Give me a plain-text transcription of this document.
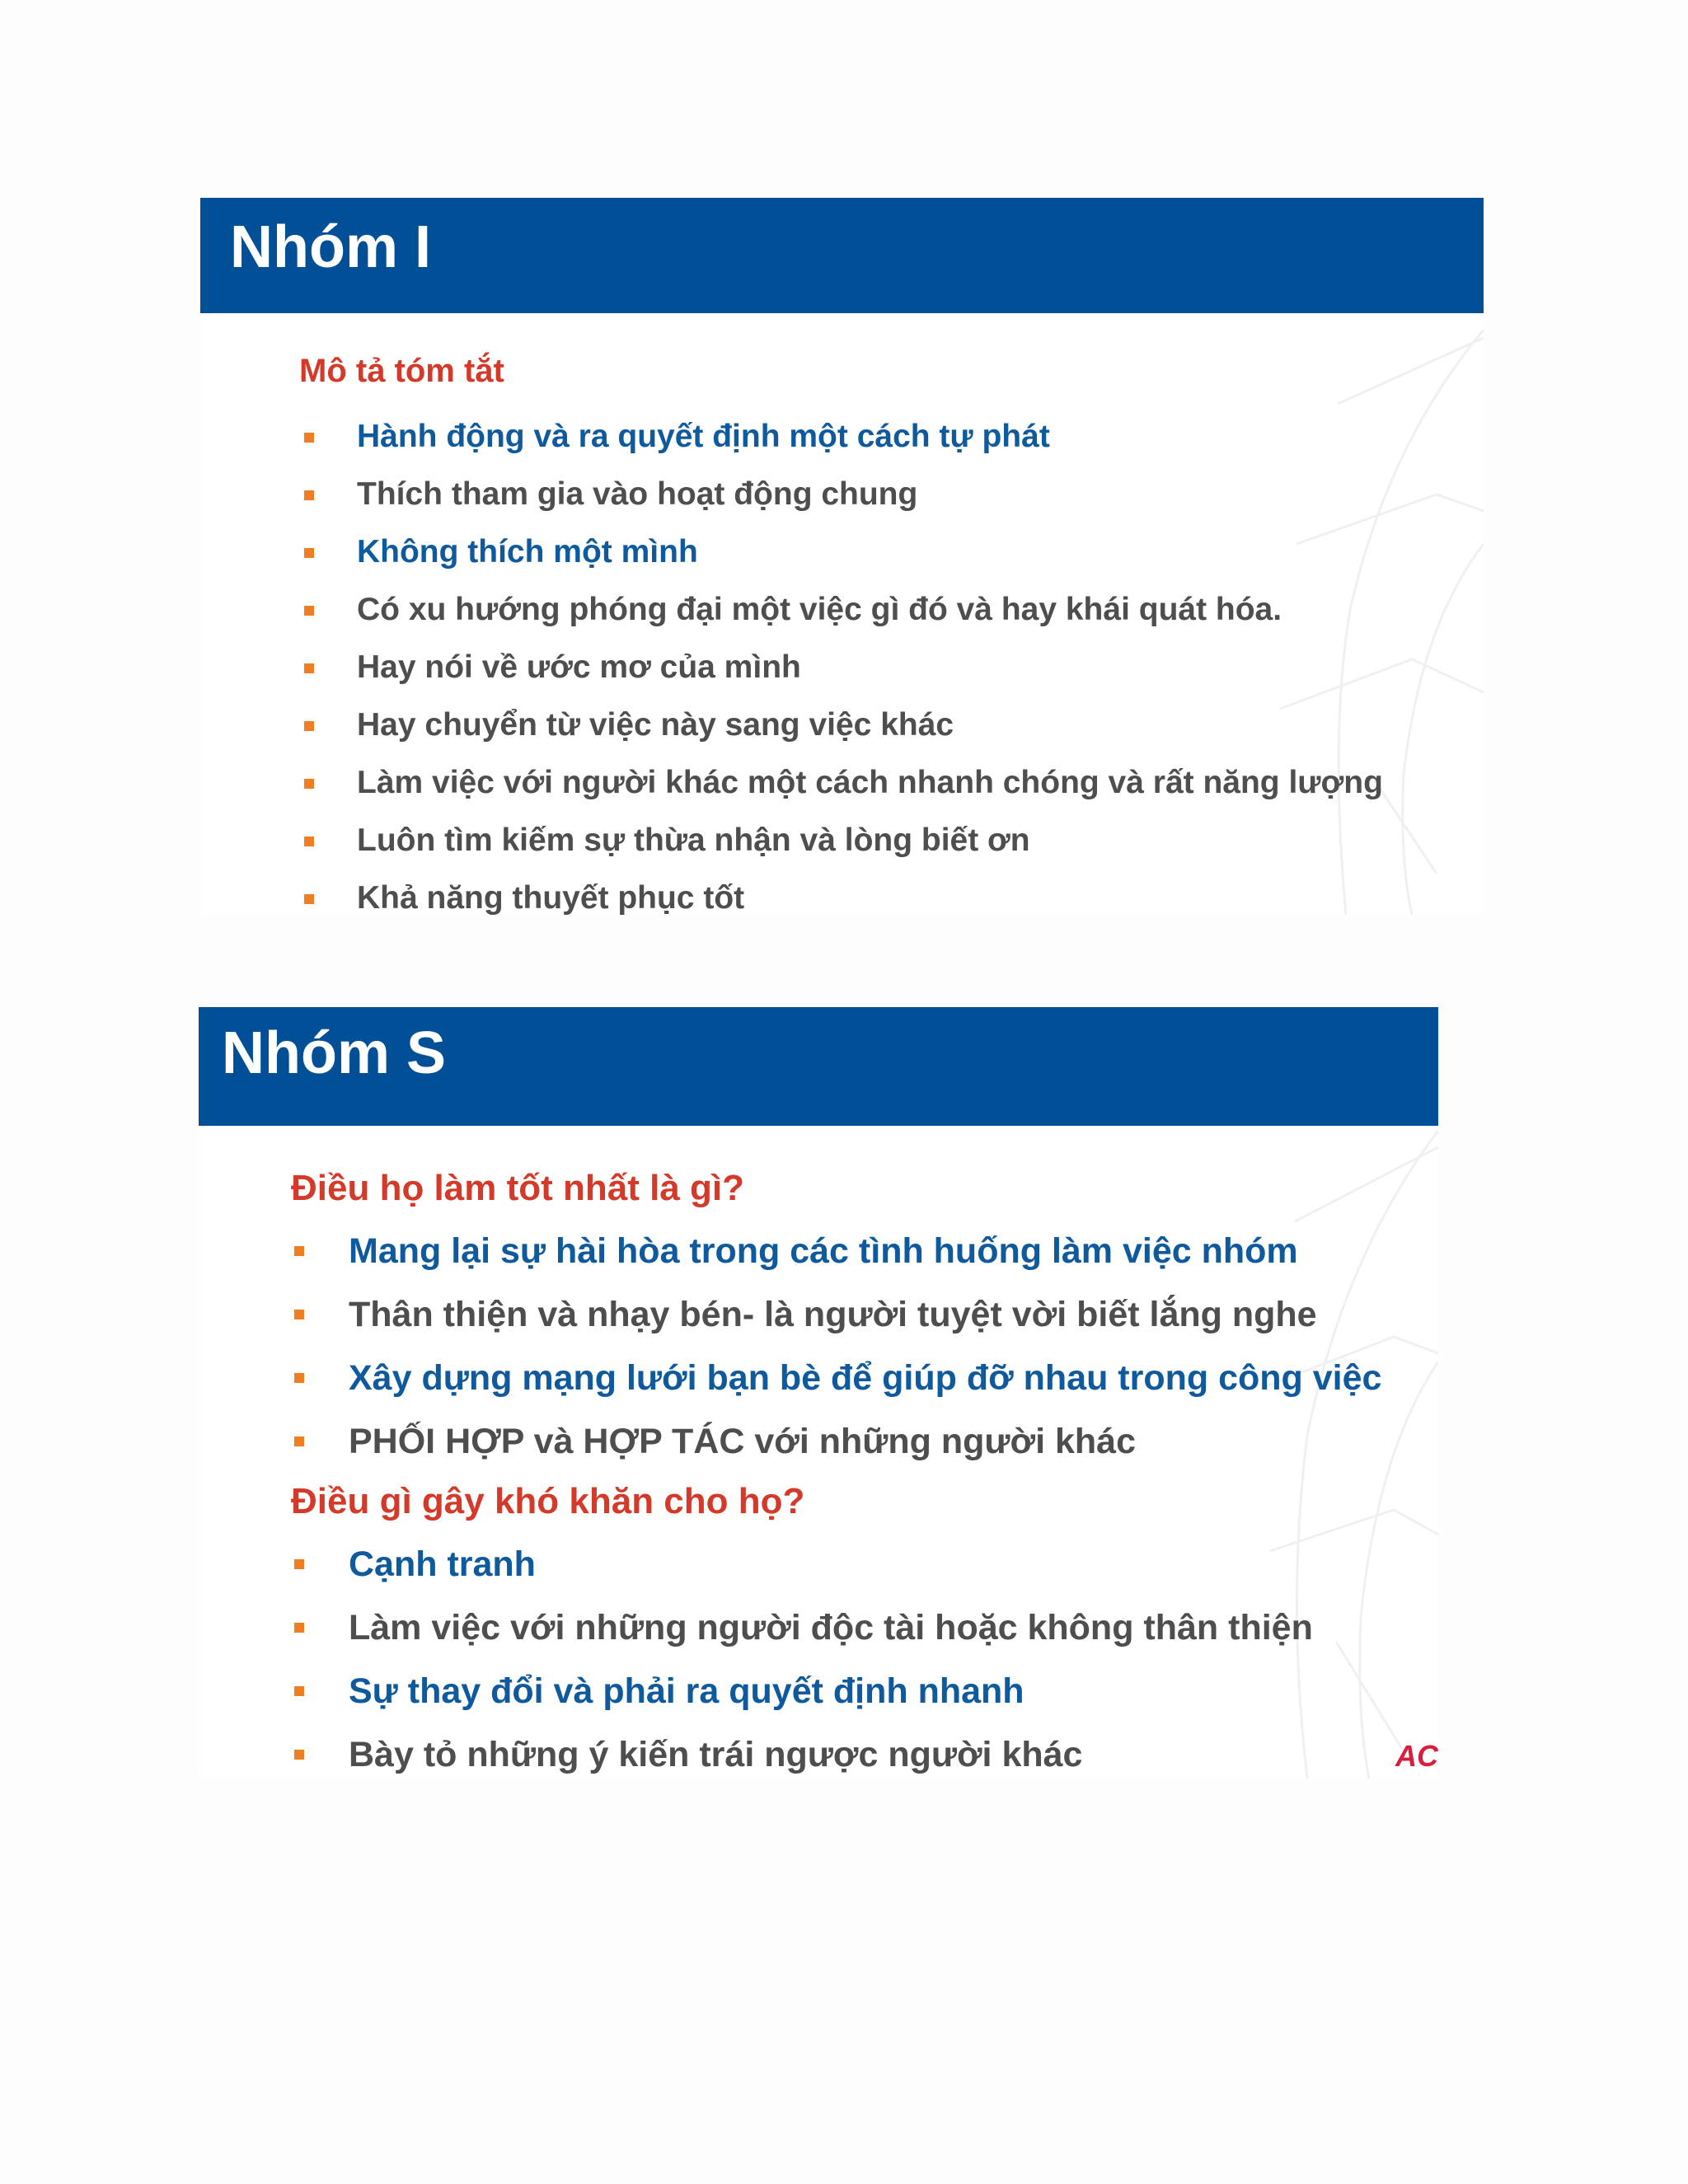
Nhóm I

Mô tả tóm tắt

Hành động và ra quyết định một cách tự phát
Thích tham gia vào hoạt động chung
Không thích một mình
Có xu hướng phóng đại một việc gì đó và hay khái quát hóa.
Hay nói về ước mơ của mình
Hay chuyển từ việc này sang việc khác
Làm việc với người khác một cách nhanh chóng và rất năng lượng
Luôn tìm kiếm sự thừa nhận và lòng biết ơn
Khả năng thuyết phục tốt
Nhóm S

Điều họ làm tốt nhất là gì?

Mang lại sự hài hòa trong các tình huống làm việc nhóm
Thân thiện và nhạy bén- là người tuyệt vời biết lắng nghe
Xây dựng mạng lưới bạn bè để giúp đỡ nhau trong công việc
PHỐI HỢP và HỢP TÁC với những người khác

Điều gì gây khó khăn cho họ?

Cạnh tranh
Làm việc với những người độc tài hoặc không thân thiện
Sự thay đổi và phải ra quyết định nhanh
Bày tỏ những ý kiến trái ngược người khác	AC
